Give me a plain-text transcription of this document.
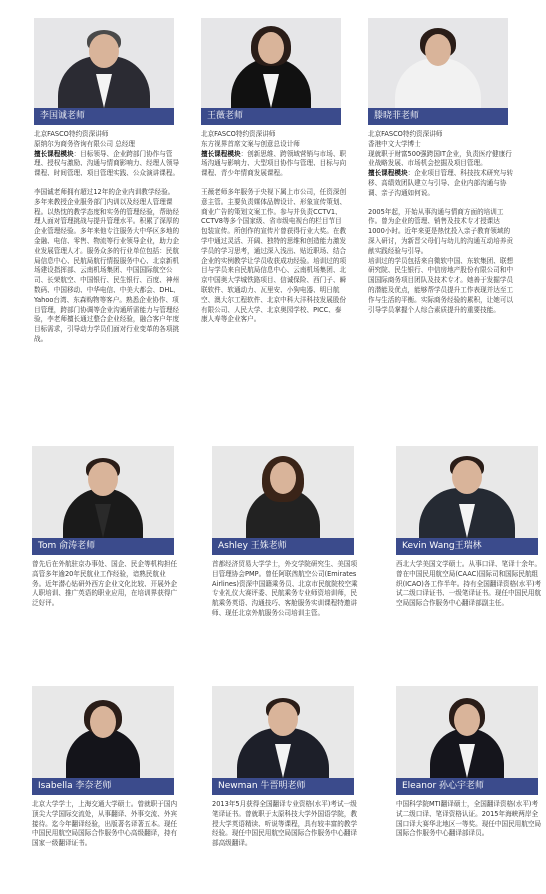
李国诚老师

北京FASCO特约资深讲师

原纳尔为商务咨询有限公司 总经理

擅长课程模块：目标领导、企业跨部门协作与管理、授权与激励、沟通与情商影响力、经理人领导课程、时间管理、项目管理实践、公众演讲课程。

李国诚老师拥有超过12年的企业内训教学经验。多年来教授企业服务部门内训以及经理人管理课程。以热忱的教学态度和实务的管理经验，帮助经理人面对管理挑战与提升管理水平。积累了深厚的企业管理经验。多年来他专注服务大中华区多地的金融、电信、零售、物流等行业领导企业，助力企业发展管理人才。服务众多的行业单位包括：民航局信息中心、民航局航行情报服务中心、北京新机场建设指挥部、云南机场集团、中国国际航空公司、长荣航空、中国银行、民生银行、百度、神州数码、中国移动、中华电信、中美大都会、DHL、Yahoo台湾、东森购物等客户。熟悉企业协作、项目管理，跨部门协调等企业沟通所需能力与管理经验，李老师擅长通过整合企业经验，融合客户年度目标需求，引导动力学员们面对行业变革的各项挑战。

王薇老师

北京FASCO特约资深讲师

东方视界首席文案与创意总设计师

擅长课程模块：创新思维、跨领域营销与市场、职场沟通与影响力、大型项目协作与管理、目标与向课程、青少年情商发展课程。

王薇老师多年服务于央视下属上市公司，任资深创意主管。主要负责媒体品牌设计、形象宣传策划、商业广告的策划文案工作。参与并负责CCTV1、CCTV8等多个国家级、省市级电视台的栏目节目包装宣传。所创作的宣传片曾获得行业大奖。在教学中通过灵活、开阔、独特的思维和创造能力激发学员的学习思考，通过深入浅出、贴近职场、结合企业的实例教学让学员收获成功经验。培训过的项目与学员来自民航局信息中心、云南机场集团、北京中国奥大学城铁路项目、信诚保险、西门子、瞬联软件、软通动力、瓦里安、小狗电器、明日航空、澳大尔工程软件、北京中科大洋科技发展股份有限公司、人民大学、北京奥园学校、PICC、泰康人寿等企业客户。

滕晓菲老师

北京FASCO特约资深讲师

香港中文大学博士

现就职于财富500强跨国IT企业，负责医疗健康行业战略发展、市场机会挖掘及项目管理。

擅长课程模块：企业项目管理、科技技术研究与转移、高绩效团队建立与引导、企业内部沟通与协调、亲子沟通如何说。

2005年起，开始从事沟通与情商方面的培训工作。曾为企业的管理、销售及技术专才授课达1000小时。近年来更是热忱投入亲子教育领域的深入研讨，为新晋父母们与幼儿的沟通互动培养贡献实践经验与引导。

培训过的学员包括来自微软中国、东软集团、联想研究院、民生银行、中信房地产股份有限公司和中国国际商务项目团队及技术专才。她善于发掘学员的潜能及优点，能够帮学员提升工作表现并达至工作与生活的平衡。实际商务经验的累积，让她可以引导学员掌握个人综合素质提升的重要技能。

Tom 俞涛老师

曾先后在外航驻京办事处、国企、民企等机构担任高管多年逾20年民航业工作经验，谙熟民航业务。近年潜心钻研外西方企业文化比较、开展外企人职培训、推广英语的职业应用，在培训界获得广泛好评。

Ashley 王姝老师

首都经济贸易大学学士，外交学院研究生、美国项目管理协会PMP。曾任阿联酋航空公司(Emirates Airlines)资深中国籍乘务员、北京市民航院校空乘专业礼仪大赛评委、民航乘务专业师资培训师，民航乘务英语、沟通技巧、客舱服务实训课程特邀讲师、现任北京外航服务公司培训主管。

Kevin Wang王瑞林

西北大学美国文学硕士。从事口译、笔译十余年。曾在中国民用航空局(CAAC)国际司和国际民航组织(ICAO)各工作半年。持有全国翻译资格(水平)考试二级口译证书、一级笔译证书。现任中国民用航空局国际合作服务中心翻译部副主任。

Isabella 李奈老师

北京大学学士，上海交通大学硕士。曾就职于国内顶尖大学国际交流处，从事翻译、外事交流、外宾接待。迄今年翻译经验，出版著名译著五本。现任中国民用航空局国际合作服务中心高级翻译，持有国家一级翻译证书。

Newman 牛晋明老师

2013年5月获得全国翻译专业资格(水平)考试一级笔译证书。曾就职于太原科技大学外国语学院，教授大学英语精读、听说等课程，具有较丰富的教学经验。现任中国民用航空局国际合作服务中心翻译部高级翻译。

Eleanor 孙心宇老师

中国科学院MTI翻译硕士，全国翻译资格(水平)考试二级口译、笔译资格认证。2015年海峡两岸全国口译大赛华北地区一等奖。现任中国民用航空局国际合作服务中心翻译部译员。
